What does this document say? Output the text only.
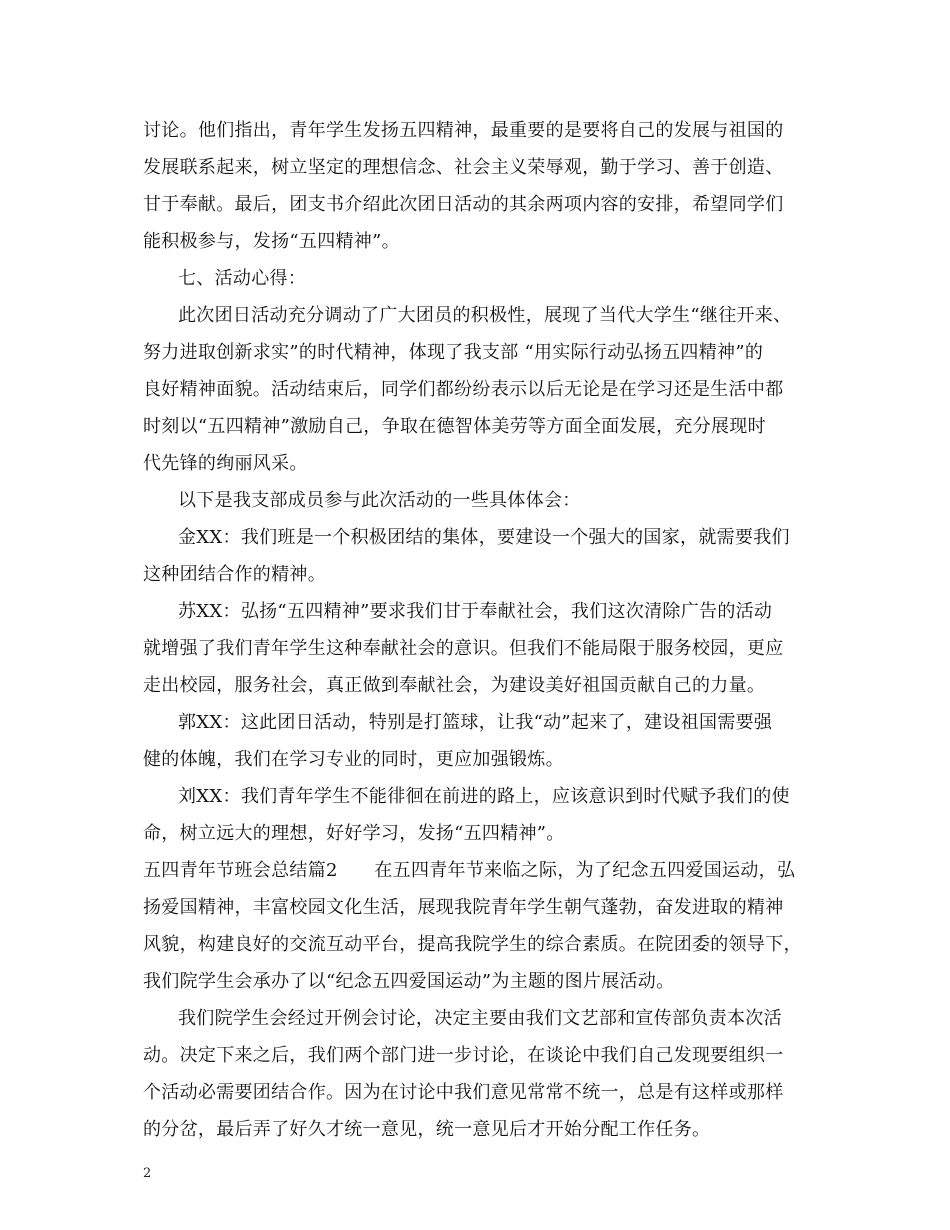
讨论。他们指出，青年学生发扬五四精神，最重要的是要将自己的发展与祖国的
发展联系起来，树立坚定的理想信念、社会主义荣辱观，勤于学习、善于创造、
甘于奉献。最后，团支书介绍此次团日活动的其余两项内容的安排，希望同学们
能积极参与，发扬“五四精神”。
七、活动心得：
此次团日活动充分调动了广大团员的积极性，展现了当代大学生“继往开来、
努力进取创新求实”的时代精神，体现了我支部 “用实际行动弘扬五四精神”的
良好精神面貌。活动结束后，同学们都纷纷表示以后无论是在学习还是生活中都
时刻以“五四精神”激励自己，争取在德智体美劳等方面全面发展，充分展现时
代先锋的绚丽风采。
以下是我支部成员参与此次活动的一些具体体会：
金XX：我们班是一个积极团结的集体，要建设一个强大的国家，就需要我们
这种团结合作的精神。
苏XX：弘扬“五四精神”要求我们甘于奉献社会，我们这次清除广告的活动
就增强了我们青年学生这种奉献社会的意识。但我们不能局限于服务校园，更应
走出校园，服务社会，真正做到奉献社会，为建设美好祖国贡献自己的力量。
郭XX：这此团日活动，特别是打篮球，让我“动”起来了，建设祖国需要强
健的体魄，我们在学习专业的同时，更应加强锻炼。
刘XX：我们青年学生不能徘徊在前进的路上，应该意识到时代赋予我们的使
命，树立远大的理想，好好学习，发扬“五四精神”。
五四青年节班会总结篇2　　在五四青年节来临之际，为了纪念五四爱国运动，弘
扬爱国精神，丰富校园文化生活，展现我院青年学生朝气蓬勃，奋发进取的精神
风貌，构建良好的交流互动平台，提高我院学生的综合素质。在院团委的领导下，
我们院学生会承办了以“纪念五四爱国运动”为主题的图片展活动。
我们院学生会经过开例会讨论，决定主要由我们文艺部和宣传部负责本次活
动。决定下来之后，我们两个部门进一步讨论，在谈论中我们自己发现要组织一
个活动必需要团结合作。因为在讨论中我们意见常常不统一，总是有这样或那样
的分岔，最后弄了好久才统一意见，统一意见后才开始分配工作任务。
2
